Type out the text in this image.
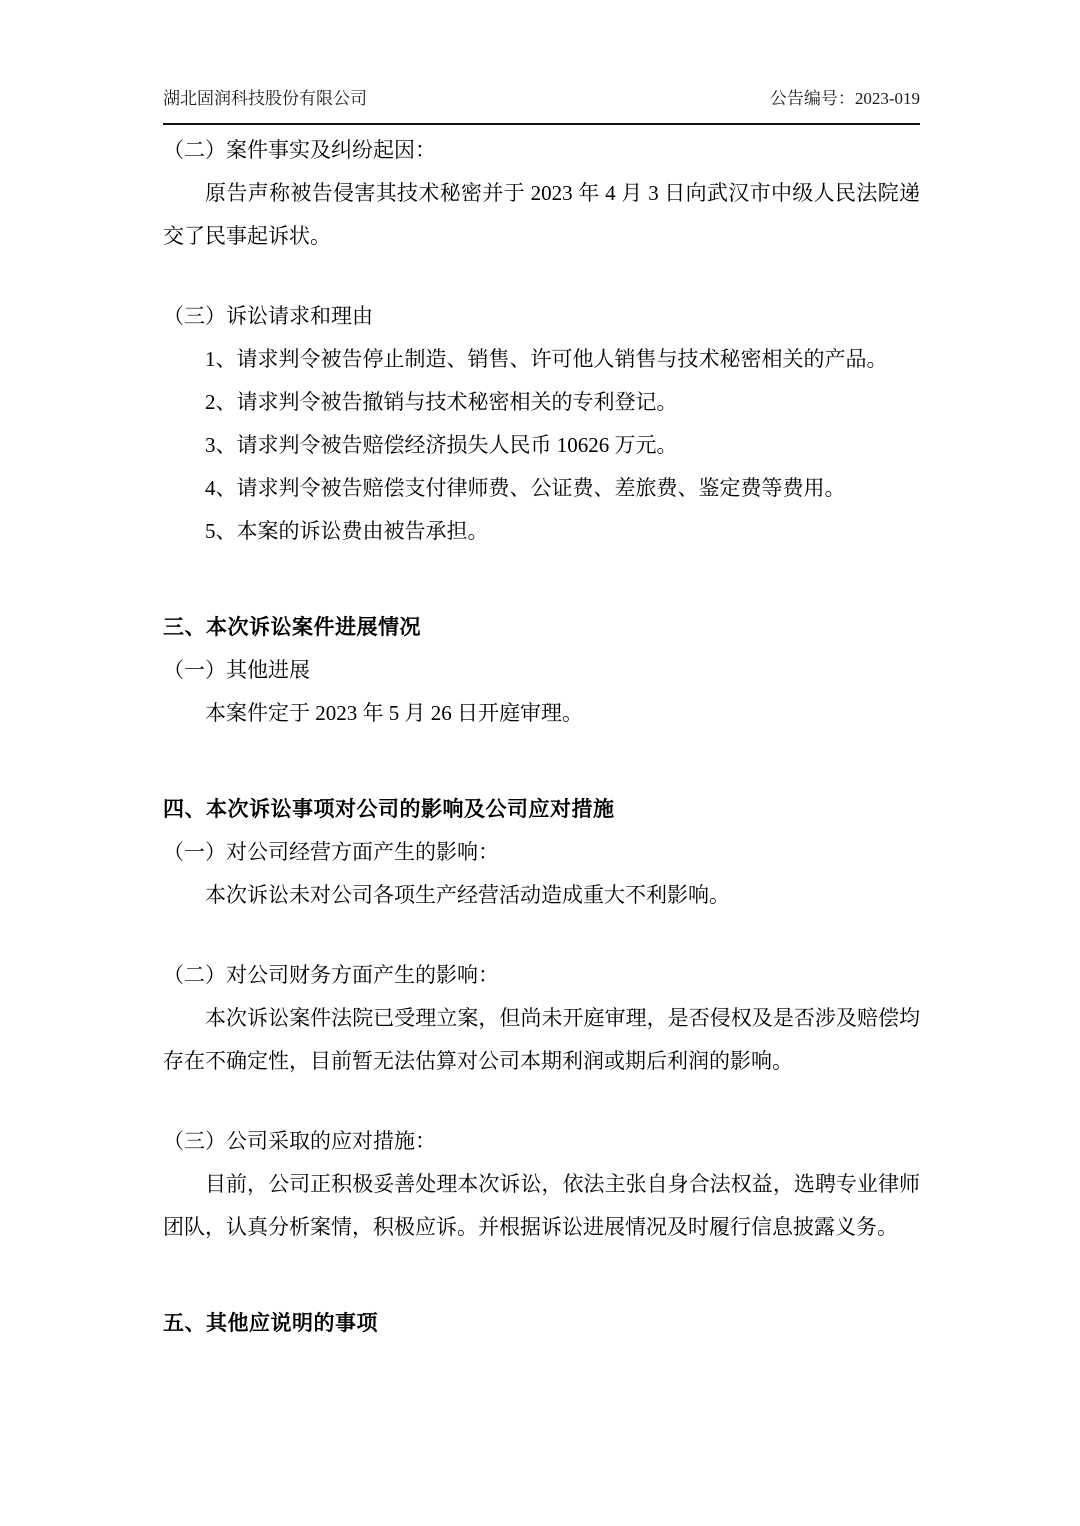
湖北固润科技股份有限公司	公告编号：2023-019
（二）案件事实及纠纷起因：
原告声称被告侵害其技术秘密并于 2023 年 4 月 3 日向武汉市中级人民法院递交了民事起诉状。
（三）诉讼请求和理由
1、请求判令被告停止制造、销售、许可他人销售与技术秘密相关的产品。
2、请求判令被告撤销与技术秘密相关的专利登记。
3、请求判令被告赔偿经济损失人民币 10626 万元。
4、请求判令被告赔偿支付律师费、公证费、差旅费、鉴定费等费用。
5、本案的诉讼费由被告承担。
三、本次诉讼案件进展情况
（一）其他进展
本案件定于 2023 年 5 月 26 日开庭审理。
四、本次诉讼事项对公司的影响及公司应对措施
（一）对公司经营方面产生的影响：
本次诉讼未对公司各项生产经营活动造成重大不利影响。
（二）对公司财务方面产生的影响：
本次诉讼案件法院已受理立案，但尚未开庭审理，是否侵权及是否涉及赔偿均存在不确定性，目前暂无法估算对公司本期利润或期后利润的影响。
（三）公司采取的应对措施：
目前，公司正积极妥善处理本次诉讼，依法主张自身合法权益，选聘专业律师团队，认真分析案情，积极应诉。并根据诉讼进展情况及时履行信息披露义务。
五、其他应说明的事项
